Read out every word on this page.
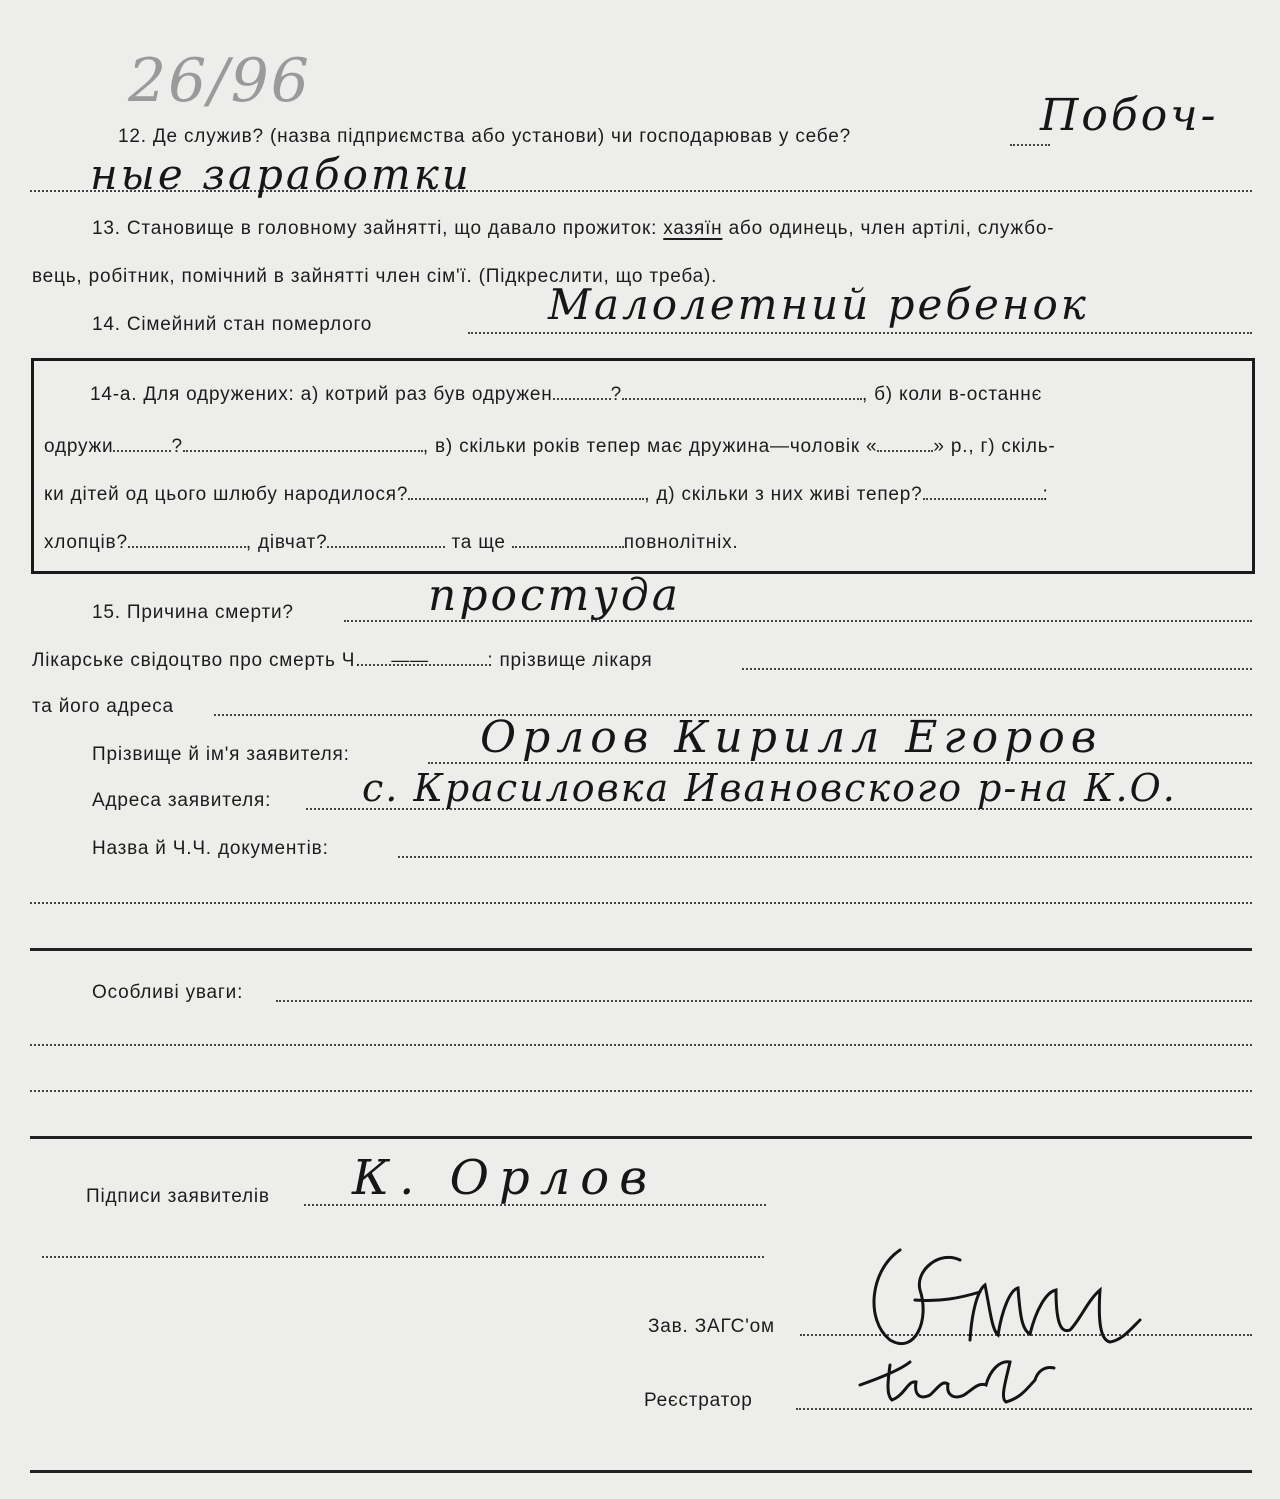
26/96
12. Де служив? (назва підприємства або установи) чи господарював у себе?	Побоч-
ные заработки
13. Становище в головному зайнятті, що давало прожиток: хазяїн або одинець, член артілі, службо-
вець, робітник, помічний в зайнятті член сім'ї. (Підкреслити, що треба).
14. Сімейний стан померлого	Малолетний ребенок
14-а. Для одружених: а) котрий раз був одружен	?	, б) коли в-останнє
одружи	?	, в) скільки років тепер має дружина—чоловік «	» р., г) скіль-
ки дітей од цього шлюбу народилося?	, д) скільки з них живі тепер?	:
хлопців?	, дівчат?	та ще	повнолітніх.
15. Причина смерти?	простуда
Лікарське свідоцтво про смерть Ч. ——	: прізвище лікаря
та його адреса
Прізвище й ім'я заявителя:	Орлов Кирилл Егоров
Адреса заявителя: с. Красиловка Ивановского р-на К.О.
Назва й Ч.Ч. документів:
Особливі уваги:
Підписи заявителів К. Орлов
Зав. ЗАГС'ом
Реєстратор
